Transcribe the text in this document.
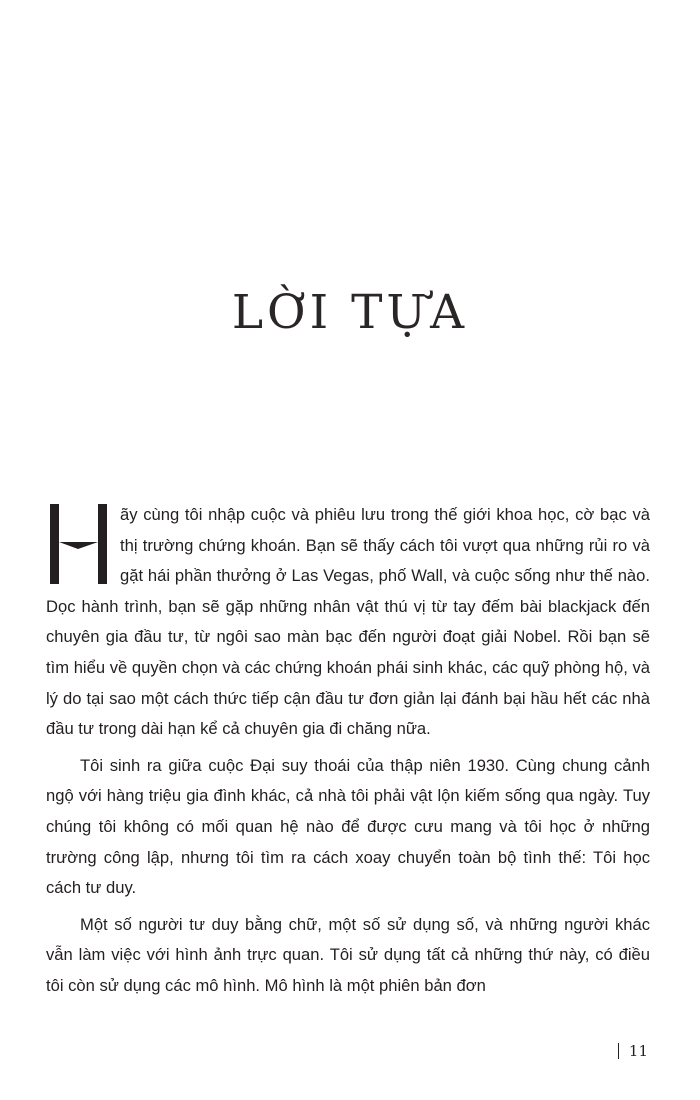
LỜI TỰA

ãy cùng tôi nhập cuộc và phiêu lưu trong thế giới khoa học, cờ bạc và thị trường chứng khoán. Bạn sẽ thấy cách tôi vượt qua những rủi ro và gặt hái phần thưởng ở Las Vegas, phố Wall, và cuộc sống như thế nào. Dọc hành trình, bạn sẽ gặp những nhân vật thú vị từ tay đếm bài blackjack đến chuyên gia đầu tư, từ ngôi sao màn bạc đến người đoạt giải Nobel. Rồi bạn sẽ tìm hiểu về quyền chọn và các chứng khoán phái sinh khác, các quỹ phòng hộ, và lý do tại sao một cách thức tiếp cận đầu tư đơn giản lại đánh bại hầu hết các nhà đầu tư trong dài hạn kể cả chuyên gia đi chăng nữa.

Tôi sinh ra giữa cuộc Đại suy thoái của thập niên 1930. Cùng chung cảnh ngộ với hàng triệu gia đình khác, cả nhà tôi phải vật lộn kiếm sống qua ngày. Tuy chúng tôi không có mối quan hệ nào để được cưu mang và tôi học ở những trường công lập, nhưng tôi tìm ra cách xoay chuyển toàn bộ tình thế: Tôi học cách tư duy.

Một số người tư duy bằng chữ, một số sử dụng số, và những người khác vẫn làm việc với hình ảnh trực quan. Tôi sử dụng tất cả những thứ này, có điều tôi còn sử dụng các mô hình. Mô hình là một phiên bản đơn

11
